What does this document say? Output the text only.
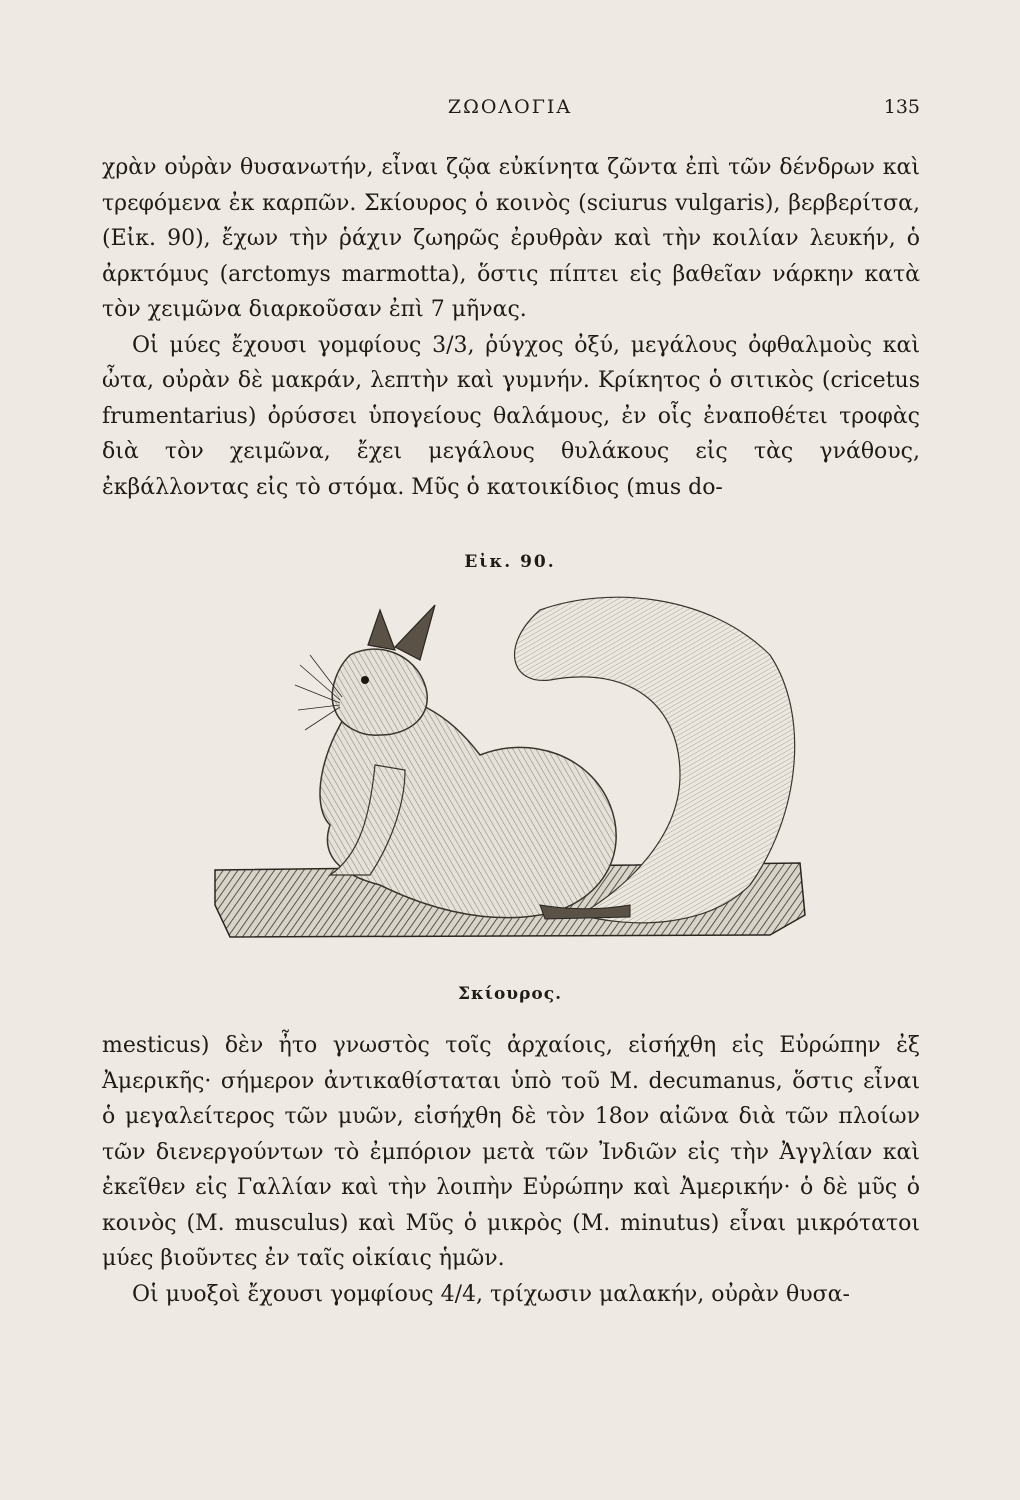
ΖΩΟΛΟΓΙΑ	135

χρὰν οὐρὰν θυσανωτήν, εἶναι ζῷα εὐκίνητα ζῶντα ἐπὶ τῶν δένδρων καὶ τρεφόμενα ἐκ καρπῶν. Σκίουρος ὁ κοινὸς (sciurus vulgaris), βερβερίτσα, (Εἰκ. 90), ἔχων τὴν ῥάχιν ζωηρῶς ἐρυθρὰν καὶ τὴν κοιλίαν λευκήν, ὁ ἀρκτόμυς (arctomys marmotta), ὅστις πίπτει εἰς βαθεῖαν νάρκην κατὰ τὸν χειμῶνα διαρκοῦσαν ἐπὶ 7 μῆνας.

Οἱ μύες ἔχουσι γομφίους 3/3, ῥύγχος ὀξύ, μεγάλους ὀφθαλμοὺς καὶ ὦτα, οὐρὰν δὲ μακράν, λεπτὴν καὶ γυμνήν. Κρίκητος ὁ σιτικὸς (cricetus frumentarius) ὀρύσσει ὑπογείους θαλάμους, ἐν οἷς ἐναποθέτει τροφὰς διὰ τὸν χειμῶνα, ἔχει μεγάλους θυλάκους εἰς τὰς γνάθους, ἐκβάλλοντας εἰς τὸ στόμα. Μῦς ὁ κατοικίδιος (mus do-

Εἰκ. 90.
Σκίουρος.

mesticus) δὲν ἦτο γνωστὸς τοῖς ἀρχαίοις, εἰσήχθη εἰς Εὐρώπην ἐξ Ἀμερικῆς· σήμερον ἀντικαθίσταται ὑπὸ τοῦ Μ. decumanus, ὅστις εἶναι ὁ μεγαλείτερος τῶν μυῶν, εἰσήχθη δὲ τὸν 18ον αἰῶνα διὰ τῶν πλοίων τῶν διενεργούντων τὸ ἐμπόριον μετὰ τῶν Ἰνδιῶν εἰς τὴν Ἀγγλίαν καὶ ἐκεῖθεν εἰς Γαλλίαν καὶ τὴν λοιπὴν Εὐρώπην καὶ Ἀμερικήν· ὁ δὲ μῦς ὁ κοινὸς (Μ. musculus) καὶ Μῦς ὁ μικρὸς (Μ. minutus) εἶναι μικρότατοι μύες βιοῦντες ἐν ταῖς οἰκίαις ἡμῶν.

Οἱ μυοξοὶ ἔχουσι γομφίους 4/4, τρίχωσιν μαλακήν, οὐρὰν θυσα-
